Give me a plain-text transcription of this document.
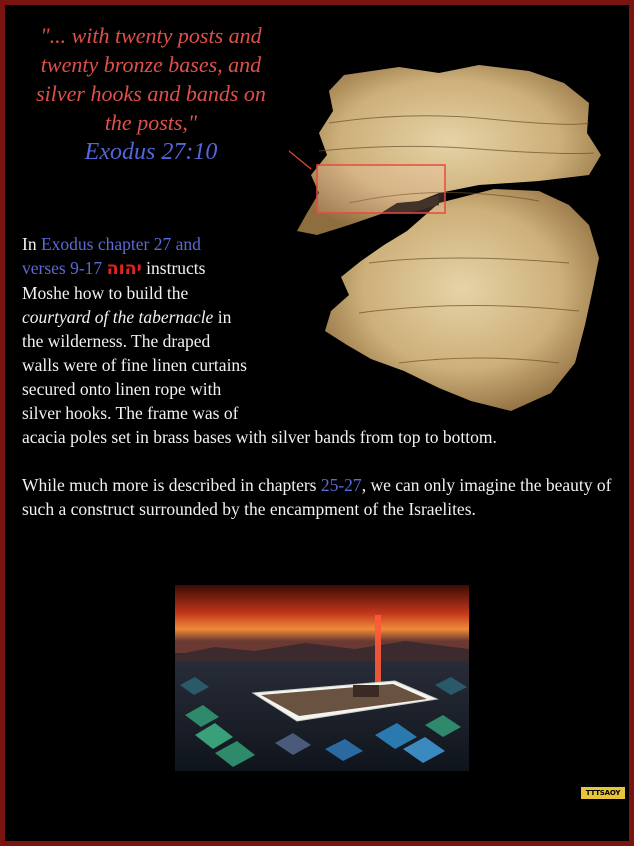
"... with twenty posts and twenty bronze bases, and silver hooks and bands on the posts,"
Exodus 27:10
In Exodus chapter 27 and verses 9-17 יהוה instructs Moshe how to build the courtyard of the tabernacle in the wilderness. The draped walls were of fine linen curtains secured onto linen rope with silver hooks. The frame was of
acacia poles set in brass bases with silver bands from top to bottom.
While much more is described in chapters 25-27, we can only imagine the beauty of such a construct surrounded by the encampment of the Israelites.
TTTSAOY
